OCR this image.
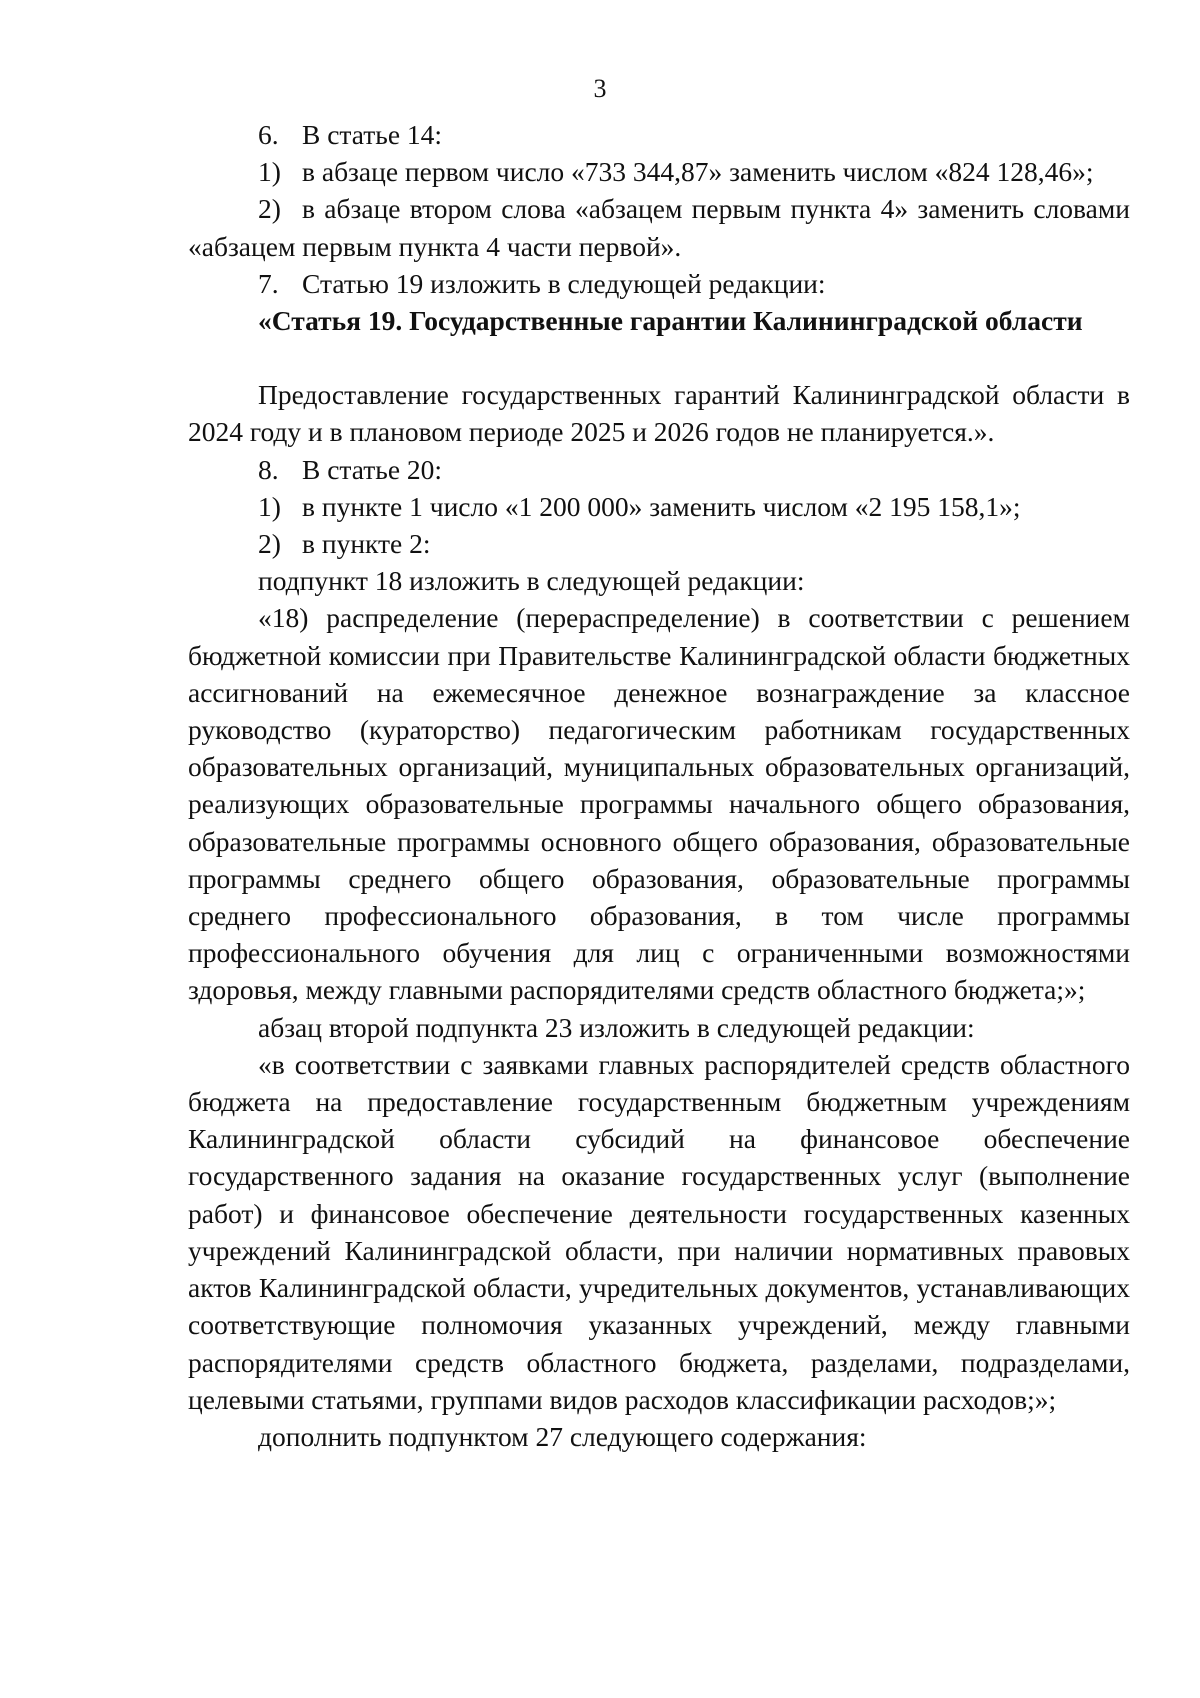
3

6. В статье 14:

1) в абзаце первом число «733 344,87» заменить числом «824 128,46»;

2) в абзаце втором слова «абзацем первым пункта 4» заменить словами «абзацем первым пункта 4 части первой».

7. Статью 19 изложить в следующей редакции:

«Статья 19. Государственные гарантии Калининградской области

Предоставление государственных гарантий Калининградской области в 2024 году и в плановом периоде 2025 и 2026 годов не планируется.».

8. В статье 20:

1) в пункте 1 число «1 200 000» заменить числом «2 195 158,1»;

2) в пункте 2:

подпункт 18 изложить в следующей редакции:

«18) распределение (перераспределение) в соответствии с решением бюджетной комиссии при Правительстве Калининградской области бюджетных ассигнований на ежемесячное денежное вознаграждение за классное руководство (кураторство) педагогическим работникам государственных образовательных организаций, муниципальных образовательных организаций, реализующих образовательные программы начального общего образования, образовательные программы основного общего образования, образовательные программы среднего общего образования, образовательные программы среднего профессионального образования, в том числе программы профессионального обучения для лиц с ограниченными возможностями здоровья, между главными распорядителями средств областного бюджета;»;

абзац второй подпункта 23 изложить в следующей редакции:

«в соответствии с заявками главных распорядителей средств областного бюджета на предоставление государственным бюджетным учреждениям Калининградской области субсидий на финансовое обеспечение государственного задания на оказание государственных услуг (выполнение работ) и финансовое обеспечение деятельности государственных казенных учреждений Калининградской области, при наличии нормативных правовых актов Калининградской области, учредительных документов, устанавливающих соответствующие полномочия указанных учреждений, между главными распорядителями средств областного бюджета, разделами, подразделами, целевыми статьями, группами видов расходов классификации расходов;»;

дополнить подпунктом 27 следующего содержания:
